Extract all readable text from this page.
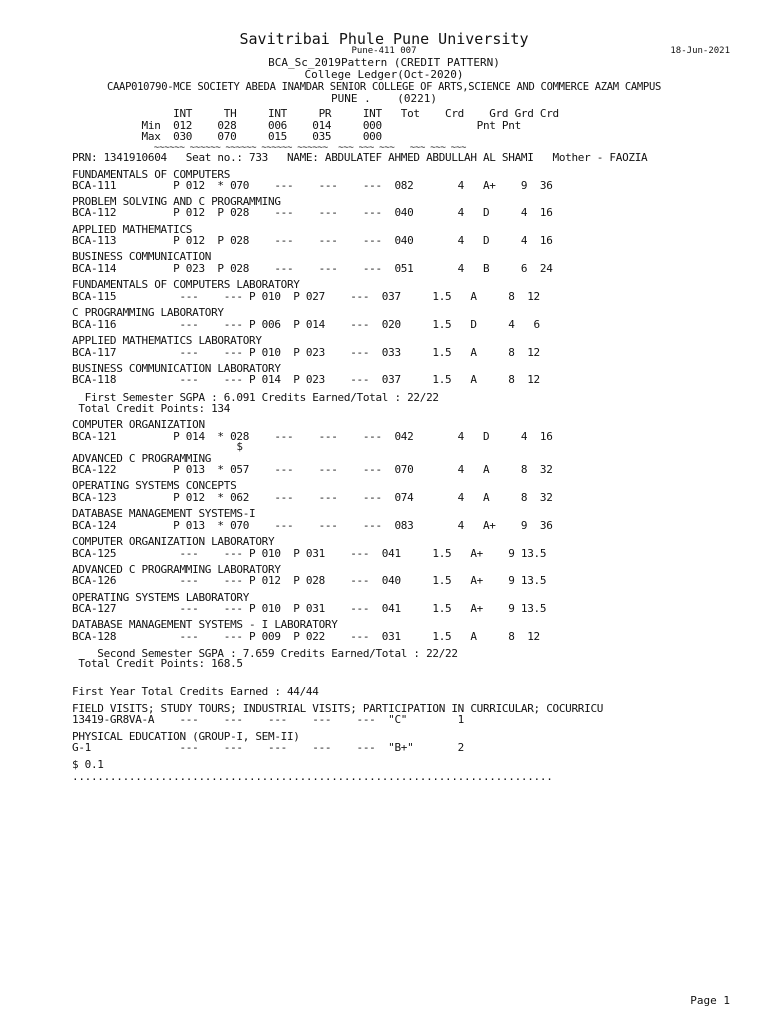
Savitribai Phule Pune University
Pune-411 007	18-Jun-2021
BCA_Sc_2019Pattern (CREDIT PATTERN)
College Ledger(Oct-2020)
CAAP010790-MCE SOCIETY ABEDA INAMDAR SENIOR COLLEGE OF ARTS,SCIENCE AND COMMERCE AZAM CAMPUS
PUNE .    (0221)
INT     TH     INT     PR     INT   Tot    Crd    Grd Grd Crd
Min  012    028     006    014     000               Pnt Pnt
Max  030    070     015    035     000
~~~~~~ ~~~~~~ ~~~~~~ ~~~~~~ ~~~~~~  ~~~ ~~~ ~~~   ~~~ ~~~ ~~~
PRN: 1341910604   Seat no.: 733   NAME: ABDULATEF AHMED ABDULLAH AL SHAMI   Mother - FAOZIA
FUNDAMENTALS OF COMPUTERS
BCA-111         P 012  * 070    ---    ---    ---  082       4   A+    9  36
PROBLEM SOLVING AND C PROGRAMMING
BCA-112         P 012  P 028    ---    ---    ---  040       4   D     4  16
APPLIED MATHEMATICS
BCA-113         P 012  P 028    ---    ---    ---  040       4   D     4  16
BUSINESS COMMUNICATION
BCA-114         P 023  P 028    ---    ---    ---  051       4   B     6  24
FUNDAMENTALS OF COMPUTERS LABORATORY
BCA-115          ---    --- P 010  P 027    ---  037     1.5   A     8  12
C PROGRAMMING LABORATORY
BCA-116          ---    --- P 006  P 014    ---  020     1.5   D     4   6
APPLIED MATHEMATICS LABORATORY
BCA-117          ---    --- P 010  P 023    ---  033     1.5   A     8  12
BUSINESS COMMUNICATION LABORATORY
BCA-118          ---    --- P 014  P 023    ---  037     1.5   A     8  12
First Semester SGPA : 6.091 Credits Earned/Total : 22/22
Total Credit Points: 134
COMPUTER ORGANIZATION
BCA-121         P 014  * 028    ---    ---    ---  042       4   D     4  16
$
ADVANCED C PROGRAMMING
BCA-122         P 013  * 057    ---    ---    ---  070       4   A     8  32
OPERATING SYSTEMS CONCEPTS
BCA-123         P 012  * 062    ---    ---    ---  074       4   A     8  32
DATABASE MANAGEMENT SYSTEMS-I
BCA-124         P 013  * 070    ---    ---    ---  083       4   A+    9  36
COMPUTER ORGANIZATION LABORATORY
BCA-125          ---    --- P 010  P 031    ---  041     1.5   A+    9 13.5
ADVANCED C PROGRAMMING LABORATORY
BCA-126          ---    --- P 012  P 028    ---  040     1.5   A+    9 13.5
OPERATING SYSTEMS LABORATORY
BCA-127          ---    --- P 010  P 031    ---  041     1.5   A+    9 13.5
DATABASE MANAGEMENT SYSTEMS - I LABORATORY
BCA-128          ---    --- P 009  P 022    ---  031     1.5   A     8  12
Second Semester SGPA : 7.659 Credits Earned/Total : 22/22
Total Credit Points: 168.5
First Year Total Credits Earned : 44/44
FIELD VISITS; STUDY TOURS; INDUSTRIAL VISITS; PARTICIPATION IN CURRICULAR; COCURRICU
13419-GR8VA-A    ---    ---    ---    ---    ---  "C"        1
PHYSICAL EDUCATION (GROUP-I, SEM-II)
G-1              ---    ---    ---    ---    ---  "B+"       2
$ 0.1
............................................................................
Page 1
